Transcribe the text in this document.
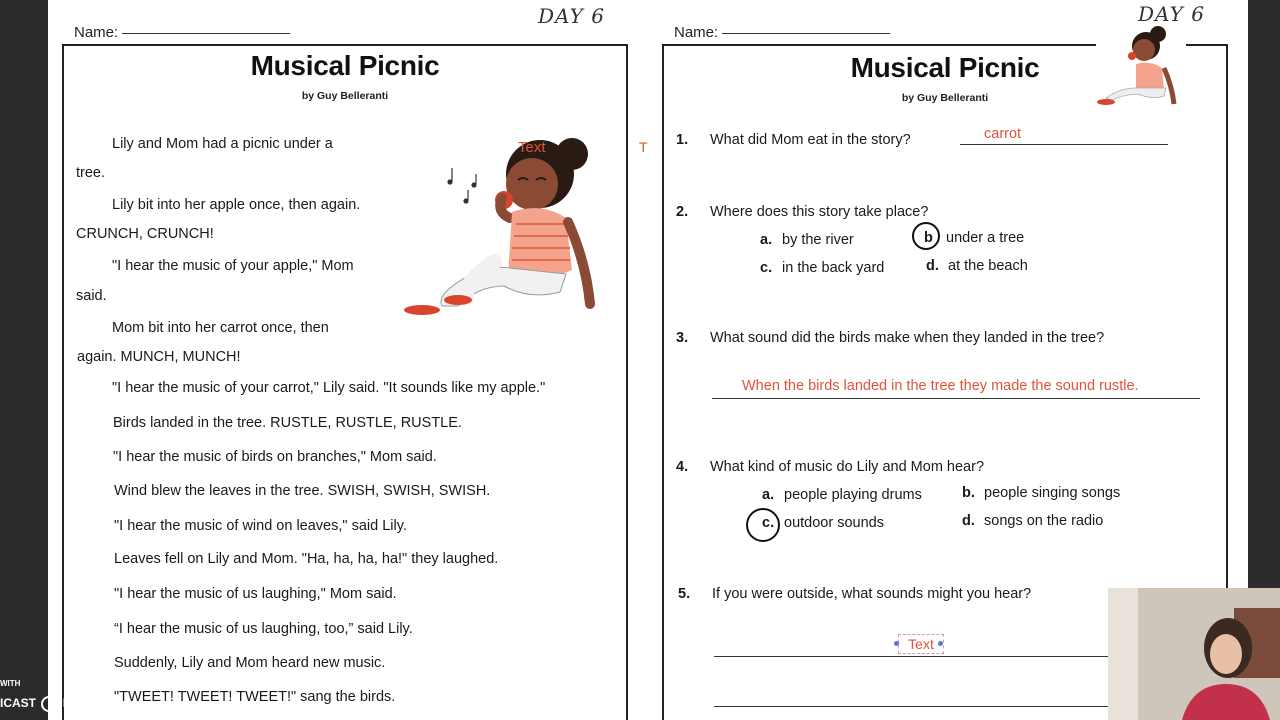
Name:
DAY 6
Name:
DAY 6
Musical Picnic
by Guy Belleranti

Lily and Mom had a picnic under a

tree.

Lily bit into her apple once, then again.

CRUNCH, CRUNCH!

"I hear the music of your apple," Mom

said.

Mom bit into her carrot once, then

again. MUNCH, MUNCH!

"I hear the music of your carrot," Lily said. "It sounds like my apple."

Birds landed in the tree. RUSTLE, RUSTLE, RUSTLE.

"I hear the music of birds on branches," Mom said.

Wind blew the leaves in the tree. SWISH, SWISH, SWISH.

"I hear the music of wind on leaves," said Lily.

Leaves fell on Lily and Mom. "Ha, ha, ha, ha!" they laughed.

"I hear the music of us laughing," Mom said.

“I hear the music of us laughing, too,” said Lily.

Suddenly, Lily and Mom heard new music.

"TWEET! TWEET! TWEET!" sang the birds.

Text	T
Musical Picnic
by Guy Belleranti
1. What did Mom eat in the story?	carrot
2. Where does this story take place?
a. by the river	b under a tree
c. in the back yard	d. at the beach
3. What sound did the birds make when they landed in the tree?
When the birds landed in the tree they made the sound rustle.
4. What kind of music do Lily and Mom hear?
a. people playing drums	b. people singing songs
c. outdoor sounds	d. songs on the radio
5. If you were outside, what sounds might you hear?
Text
WITH
ICAST MATIC
